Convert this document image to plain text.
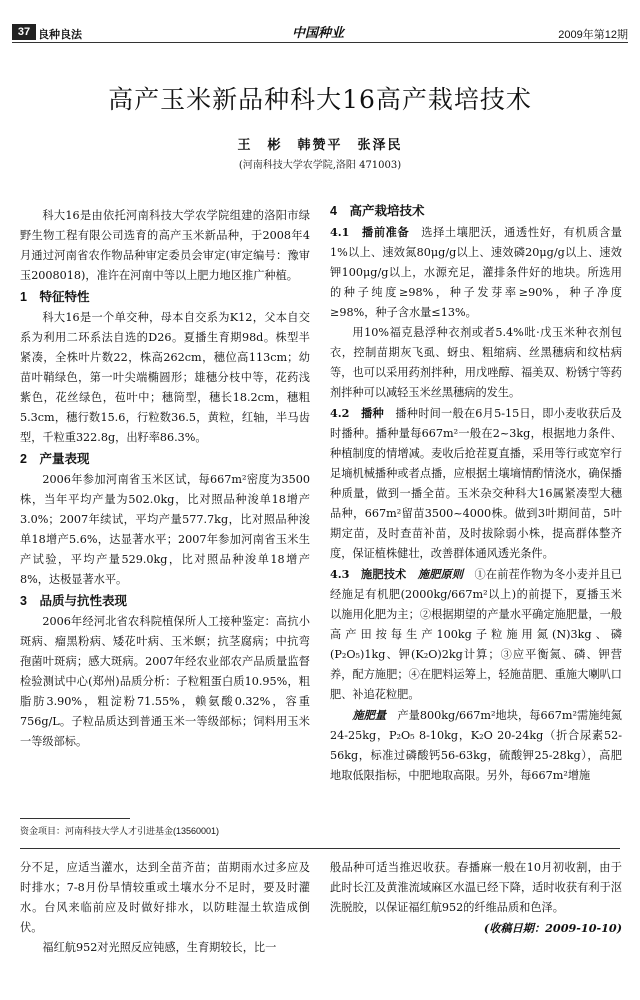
37 良种良法	中国种业	2009年第12期
高产玉米新品种科大16高产栽培技术
王　彬　韩赞平　张泽民
(河南科技大学农学院,洛阳 471003)

科大16是由依托河南科技大学农学院组建的洛阳市绿野生物工程有限公司选育的高产玉米新品种，于2008年4月通过河南省农作物品种审定委员会审定(审定编号：豫审玉2008018)，准许在河南中等以上肥力地区推广种植。

1　特征特性

科大16是一个单交种，母本自交系为K12，父本自交系为利用二环系法自选的D26。夏播生育期98d。株型半紧凑，全株叶片数22，株高262cm，穗位高113cm；幼苗叶鞘绿色，第一叶尖端椭圆形；雄穗分枝中等，花药浅紫色，花丝绿色，苞叶中；穗筒型，穗长18.2cm，穗粗5.3cm，穗行数15.6，行粒数36.5，黄粒，红轴，半马齿型，千粒重322.8g，出籽率86.3%。

2　产量表现

2006年参加河南省玉米区试，每667m²密度为3500株，当年平均产量为502.0kg，比对照品种浚单18增产3.0%；2007年续试，平均产量577.7kg，比对照品种浚单18增产5.6%，达显著水平；2007年参加河南省玉米生产试验，平均产量529.0kg，比对照品种浚单18增产8%，达极显著水平。

3　品质与抗性表现

2006年经河北省农科院植保所人工接种鉴定：高抗小斑病、瘤黑粉病、矮花叶病、玉米螟；抗茎腐病；中抗弯孢菌叶斑病；感大斑病。2007年经农业部农产品质量监督检验测试中心(郑州)品质分析：子粒粗蛋白质10.95%，粗脂肪3.90%，粗淀粉71.55%，赖氨酸0.32%，容重756g/L。子粒品质达到普通玉米一等级部标；饲料用玉米一等级部标。

4　高产栽培技术

4.1　播前准备　 选择土壤肥沃，通透性好，有机质含量1%以上、速效氮80μg/g以上、速效磷20μg/g以上、速效钾100μg/g以上，水源充足，灌排条件好的地块。所选用的种子纯度≥98%，种子发芽率≥90%，种子净度≥98%，种子含水量≤13%。

用10%福克悬浮种衣剂或者5.4%吡·戊玉米种衣剂包衣，控制苗期灰飞虱、蚜虫、粗缩病、丝黑穗病和纹枯病等，也可以采用药剂拌种，用戊唑醇、福美双、粉锈宁等药剂拌种可以减轻玉米丝黑穗病的发生。

4.2　播种　 播种时间一般在6月5-15日，即小麦收获后及时播种。播种量每667m²一般在2~3kg，根据地力条件、种植制度的情增减。麦收后抢茬夏直播，采用等行或宽窄行足墒机械播种或者点播，应根据土壤墒情酌情浇水，确保播种质量，做到一播全苗。玉米杂交种科大16属紧凑型大穗品种，667m²留苗3500~4000株。做到3叶期间苗，5叶期定苗，及时查苗补苗，及时拔除弱小株，提高群体整齐度，保证植株健壮，改善群体通风透光条件。

4.3　施肥技术　 施肥原则　 ①在前茬作物为冬小麦并且已经施足有机肥(2000kg/667m²以上)的前提下，夏播玉米以施用化肥为主；②根据期望的产量水平确定施肥量，一般高产田按每生产100kg子粒施用氮(N)3kg、磷(P₂O₅)1kg、钾(K₂O)2kg计算；③应平衡氮、磷、钾营养，配方施肥；④在肥料运筹上，轻施苗肥、重施大喇叭口肥、补追花粒肥。

施肥量　 产量800kg/667m²地块，每667m²需施纯氮24-25kg，P₂O₅ 8-10kg，K₂O 20-24kg（折合尿素52-56kg，标准过磷酸钙56-63kg，硫酸钾25-28kg），高肥地取低限指标，中肥地取高限。另外，每667m²增施

资金项目：河南科技大学人才引进基金(13560001)

分不足，应适当灌水，达到全苗齐苗；苗期雨水过多应及时排水；7-8月份旱情较重或土壤水分不足时，要及时灌水。台风来临前应及时做好排水，以防畦湿土软造成倒伏。

福红航952对光照反应钝感，生育期较长，比一

般品种可适当推迟收获。春播麻一般在10月初收割，由于此时长江及黄淮流域麻区水温已经下降，适时收获有利于沤洗脱胶，以保证福红航952的纤维品质和色泽。

(收稿日期：2009-10-10)
